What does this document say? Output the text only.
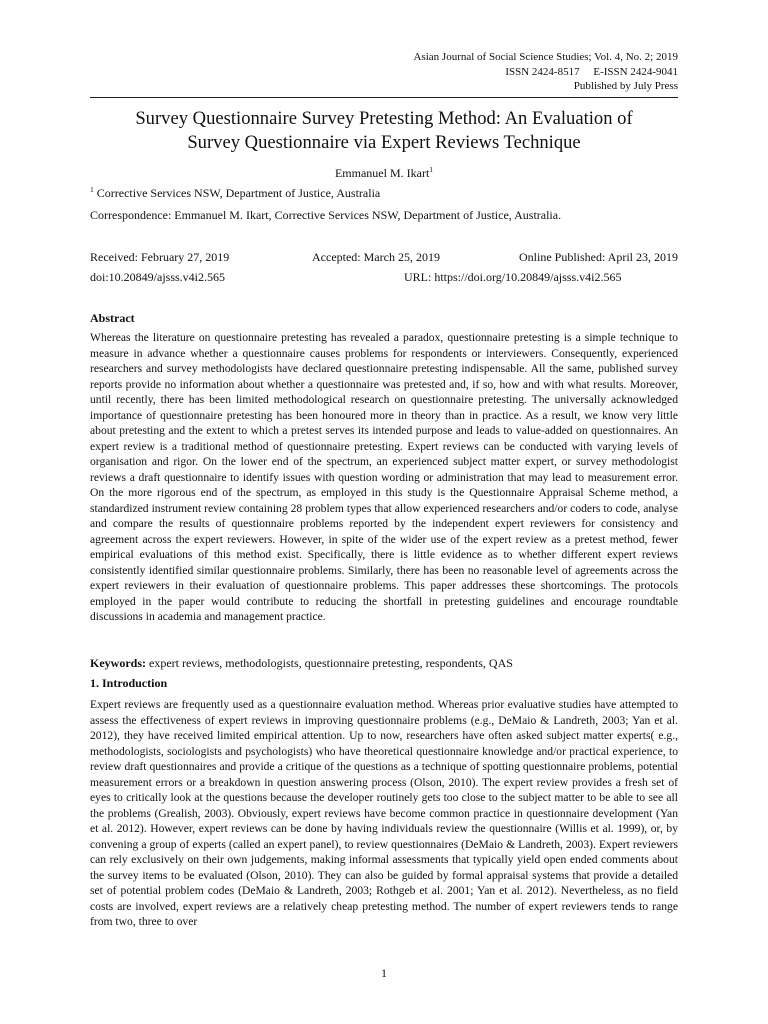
Asian Journal of Social Science Studies; Vol. 4, No. 2; 2019
ISSN 2424-8517     E-ISSN 2424-9041
Published by July Press
Survey Questionnaire Survey Pretesting Method: An Evaluation of
Survey Questionnaire via Expert Reviews Technique
Emmanuel M. Ikart$^1$
$^1$ Corrective Services NSW, Department of Justice, Australia
Correspondence: Emmanuel M. Ikart, Corrective Services NSW, Department of Justice, Australia.
Received: February 27, 2019	Accepted: March 25, 2019	Online Published: April 23, 2019
doi:10.20849/ajsss.v4i2.565	URL: https://doi.org/10.20849/ajsss.v4i2.565
Abstract
Whereas the literature on questionnaire pretesting has revealed a paradox, questionnaire pretesting is a simple technique to measure in advance whether a questionnaire causes problems for respondents or interviewers. Consequently, experienced researchers and survey methodologists have declared questionnaire pretesting indispensable. All the same, published survey reports provide no information about whether a questionnaire was pretested and, if so, how and with what results. Moreover, until recently, there has been limited methodological research on questionnaire pretesting. The universally acknowledged importance of questionnaire pretesting has been honoured more in theory than in practice. As a result, we know very little about pretesting and the extent to which a pretest serves its intended purpose and leads to value-added on questionnaires. An expert review is a traditional method of questionnaire pretesting. Expert reviews can be conducted with varying levels of organisation and rigor. On the lower end of the spectrum, an experienced subject matter expert, or survey methodologist reviews a draft questionnaire to identify issues with question wording or administration that may lead to measurement error. On the more rigorous end of the spectrum, as employed in this study is the Questionnaire Appraisal Scheme method, a standardized instrument review containing 28 problem types that allow experienced researchers and/or coders to code, analyse and compare the results of questionnaire problems reported by the independent expert reviewers for consistency and agreement across the expert reviewers. However, in spite of the wider use of the expert review as a pretest method, fewer empirical evaluations of this method exist. Specifically, there is little evidence as to whether different expert reviews consistently identified similar questionnaire problems. Similarly, there has been no reasonable level of agreements across the expert reviewers in their evaluation of questionnaire problems. This paper addresses these shortcomings. The protocols employed in the paper would contribute to reducing the shortfall in pretesting guidelines and encourage roundtable discussions in academia and management practice.
Keywords: expert reviews, methodologists, questionnaire pretesting, respondents, QAS
1. Introduction
Expert reviews are frequently used as a questionnaire evaluation method. Whereas prior evaluative studies have attempted to assess the effectiveness of expert reviews in improving questionnaire problems (e.g., DeMaio & Landreth, 2003; Yan et al. 2012), they have received limited empirical attention. Up to now, researchers have often asked subject matter experts( e.g., methodologists, sociologists and psychologists) who have theoretical questionnaire knowledge and/or practical experience, to review draft questionnaires and provide a critique of the questions as a technique of spotting questionnaire problems, potential measurement errors or a breakdown in question answering process (Olson, 2010). The expert review provides a fresh set of eyes to critically look at the questions because the developer routinely gets too close to the subject matter to be able to see all the problems (Grealish, 2003). Obviously, expert reviews have become common practice in questionnaire development (Yan et al. 2012). However, expert reviews can be done by having individuals review the questionnaire (Willis et al. 1999), or, by convening a group of experts (called an expert panel), to review questionnaires (DeMaio & Landreth, 2003). Expert reviewers can rely exclusively on their own judgements, making informal assessments that typically yield open ended comments about the survey items to be evaluated (Olson, 2010). They can also be guided by formal appraisal systems that provide a detailed set of potential problem codes (DeMaio & Landreth, 2003; Rothgeb et al. 2001; Yan et al. 2012). Nevertheless, as no field costs are involved, expert reviews are a relatively cheap pretesting method. The number of expert reviewers tends to range from two, three to over
1
